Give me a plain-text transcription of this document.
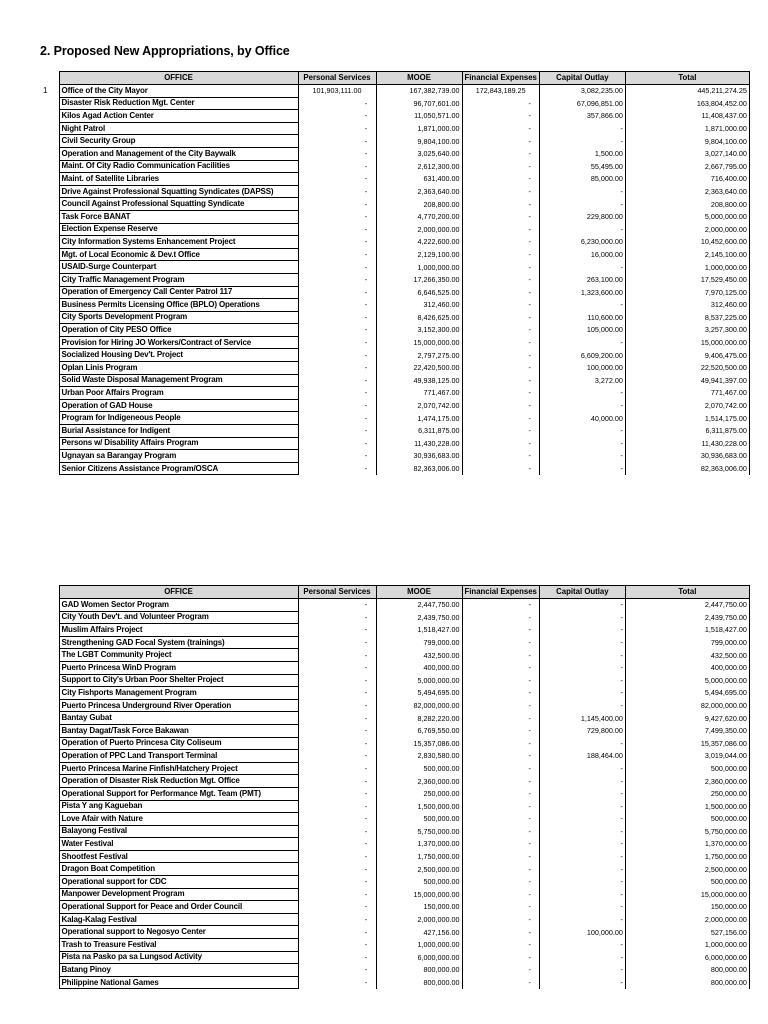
2. Proposed New Appropriations, by Office
	OFFICE	Personal Services	MOOE	Financial Expenses	Capital Outlay	Total
1	Office of the City Mayor	101,903,111.00	167,382,739.00	172,843,189.25	3,082,235.00	445,211,274.25
	Disaster Risk Reduction Mgt. Center	-	96,707,601.00	-	67,096,851.00	163,804,452.00
	Kilos Agad Action Center	-	11,050,571.00	-	357,866.00	11,408,437.00
	Night Patrol	-	1,871,000.00	-	-	1,871,000.00
	Civil Security Group	-	9,804,100.00	-	-	9,804,100.00
	Operation and Management of the City Baywalk	-	3,025,640.00	-	1,500.00	3,027,140.00
	Maint. Of City Radio Communication Facilities	-	2,612,300.00	-	55,495.00	2,667,795.00
	Maint. of Satellite Libraries	-	631,400.00	-	85,000.00	716,400.00
	Drive Against Professional Squatting Syndicates (DAPSS)	-	2,363,640.00	-	-	2,363,640.00
	Council Against Professional Squatting Syndicate	-	208,800.00	-	-	208,800.00
	Task Force BANAT	-	4,770,200.00	-	229,800.00	5,000,000.00
	Election Expense Reserve	-	2,000,000.00	-	-	2,000,000.00
	City Information Systems Enhancement Project	-	4,222,600.00	-	6,230,000.00	10,452,600.00
	Mgt. of Local Economic & Dev.t Office	-	2,129,100.00	-	16,000.00	2,145,100.00
	USAID-Surge Counterpart	-	1,000,000.00	-	-	1,000,000.00
	City Traffic Management Program	-	17,266,350.00	-	263,100.00	17,529,450.00
	Operation of Emergency Call Center Patrol 117	-	6,646,525.00	-	1,323,600.00	7,970,125.00
	Business Permits Licensing Office (BPLO) Operations	-	312,460.00	-	-	312,460.00
	City Sports Development Program	-	8,426,625.00	-	110,600.00	8,537,225.00
	Operation of City PESO Office	-	3,152,300.00	-	105,000.00	3,257,300.00
	Provision for Hiring JO Workers/Contract of Service	-	15,000,000.00	-	-	15,000,000.00
	Socialized Housing Dev't. Project	-	2,797,275.00	-	6,609,200.00	9,406,475.00
	Oplan Linis Program	-	22,420,500.00	-	100,000.00	22,520,500.00
	Solid Waste Disposal Management Program	-	49,938,125.00	-	3,272.00	49,941,397.00
	Urban Poor Affairs Program	-	771,467.00	-	-	771,467.00
	Operation of GAD House	-	2,070,742.00	-	-	2,070,742.00
	Program for Indigeneous People	-	1,474,175.00	-	40,000.00	1,514,175.00
	Burial Assistance for Indigent	-	6,311,875.00	-	-	6,311,875.00
	Persons w/ Disability Affairs Program	-	11,430,228.00	-	-	11,430,228.00
	Ugnayan sa Barangay Program	-	30,936,683.00	-	-	30,936,683.00
	Senior Citizens Assistance Program/OSCA	-	82,363,006.00	-	-	82,363,006.00
	OFFICE	Personal Services	MOOE	Financial Expenses	Capital Outlay	Total
	GAD Women Sector Program	-	2,447,750.00	-	-	2,447,750.00
	City Youth Dev't. and Volunteer Program	-	2,439,750.00	-	-	2,439,750.00
	Muslim Affairs Project	-	1,518,427.00	-	-	1,518,427.00
	Strengthening GAD Focal System (trainings)	-	799,000.00	-	-	799,000.00
	The LGBT Community Project	-	432,500.00	-	-	432,500.00
	Puerto Princesa WinD Program	-	400,000.00	-	-	400,000.00
	Support to City's Urban Poor Shelter Project	-	5,000,000.00	-	-	5,000,000.00
	City Fishports Management Program	-	5,494,695.00	-	-	5,494,695.00
	Puerto Princesa Underground River Operation	-	82,000,000.00	-	-	82,000,000.00
	Bantay Gubat	-	8,282,220.00	-	1,145,400.00	9,427,620.00
	Bantay Dagat/Task Force Bakawan	-	6,769,550.00	-	729,800.00	7,499,350.00
	Operation of Puerto Princesa City Coliseum	-	15,357,086.00	-	-	15,357,086.00
	Operation of PPC Land Transport Terminal	-	2,830,580.00	-	188,464.00	3,019,044.00
	Puerto Princesa Marine Finfish/Hatchery Project	-	500,000.00	-	-	500,000.00
	Operation of Disaster Risk Reduction Mgt. Office	-	2,360,000.00	-	-	2,360,000.00
	Operational Support for Performance Mgt. Team (PMT)	-	250,000.00	-	-	250,000.00
	Pista Y ang Kagueban	-	1,500,000.00	-	-	1,500,000.00
	Love Afair with Nature	-	500,000.00	-	-	500,000.00
	Balayong Festival	-	5,750,000.00	-	-	5,750,000.00
	Water Festival	-	1,370,000.00	-	-	1,370,000.00
	Shootfest Festival	-	1,750,000.00	-	-	1,750,000.00
	Dragon Boat Competition	-	2,500,000.00	-	-	2,500,000.00
	Operational support for CDC	-	500,000.00	-	-	500,000.00
	Manpower Development Program	-	15,000,000.00	-	-	15,000,000.00
	Operational Support for Peace and Order Council	-	150,000.00	-	-	150,000.00
	Kalag-Kalag Festival	-	2,000,000.00	-	-	2,000,000.00
	Operational support to Negosyo Center	-	427,156.00	-	100,000.00	527,156.00
	Trash to Treasure Festival	-	1,000,000.00	-	-	1,000,000.00
	Pista na Pasko pa sa Lungsod Activity	-	6,000,000.00	-	-	6,000,000.00
	Batang Pinoy	-	800,000.00	-	-	800,000.00
	Philippine National Games	-	800,000.00	-	-	800,000.00
